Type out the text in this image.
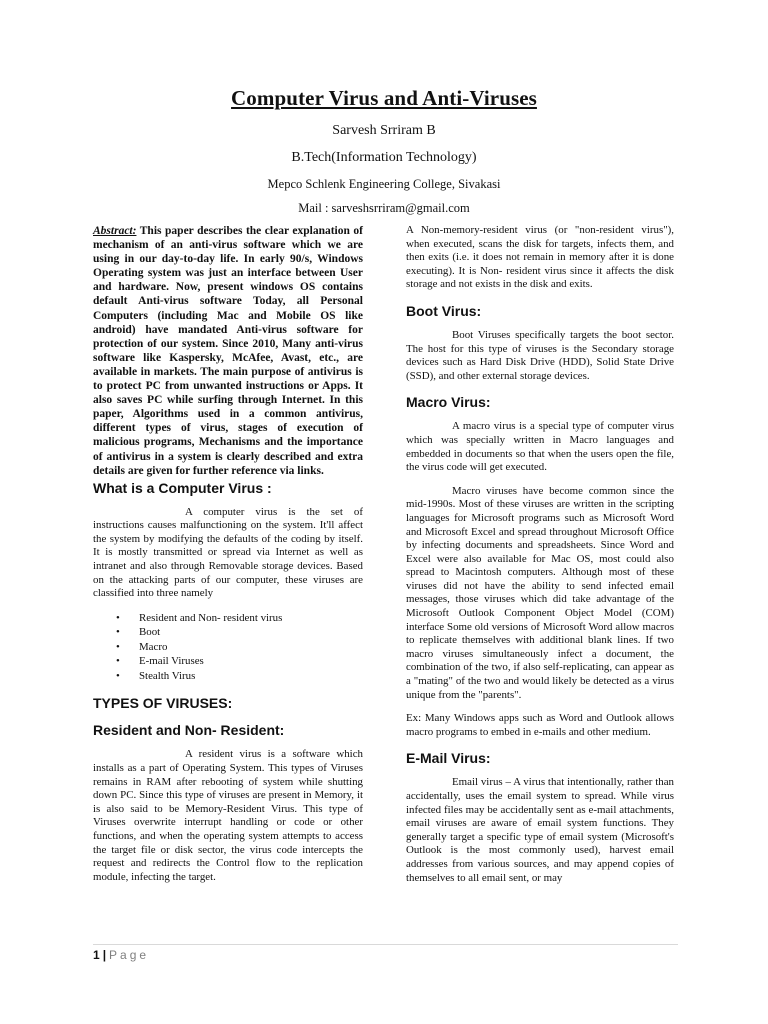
Computer Virus and Anti-Viruses
Sarvesh Srriram B
B.Tech(Information Technology)
Mepco Schlenk Engineering College, Sivakasi
Mail : sarveshsrriram@gmail.com

Abstract: This paper describes the clear explanation of mechanism of an anti-virus software which we are using in our day-to-day life. In early 90/s, Windows Operating system was just an interface between User and hardware. Now, present windows OS contains default Anti-virus software Today, all Personal Computers (including Mac and Mobile OS like android) have mandated Anti-virus software for protection of our system. Since 2010, Many anti-virus software like Kaspersky, McAfee, Avast, etc., are available in markets. The main purpose of antivirus is to protect PC from unwanted instructions or Apps. It also saves PC while surfing through Internet. In this paper, Algorithms used in a common antivirus, different types of virus, stages of execution of malicious programs, Mechanisms and the importance of antivirus in a system is clearly described and extra details are given for further reference via links.

What is a Computer Virus :

A computer virus is the set of instructions causes malfunctioning on the system. It'll affect the system by modifying the defaults of the coding by itself. It is mostly transmitted or spread via Internet as well as intranet and also through Removable storage devices. Based on the attacking parts of our computer, these viruses are classified into three namely

• Resident and Non- resident virus
• Boot
• Macro
• E-mail Viruses
• Stealth Virus
TYPES OF VIRUSES:
Resident and Non- Resident:

A resident virus is a software which installs as a part of Operating System. This types of Viruses remains in RAM after rebooting of system while shutting down PC. Since this type of viruses are present in Memory, it is also said to be Memory-Resident Virus. This type of Viruses overwrite interrupt handling or code or other functions, and when the operating system attempts to access the target file or disk sector, the virus code intercepts the request and redirects the Control flow to the replication module, infecting the target.

A Non-memory-resident virus (or "non-resident virus"), when executed, scans the disk for targets, infects them, and then exits (i.e. it does not remain in memory after it is done executing). It is Non- resident virus since it affects the disk storage and not exists in the disk and exits.

Boot Virus:

Boot Viruses specifically targets the boot sector. The host for this type of viruses is the Secondary storage devices such as Hard Disk Drive (HDD), Solid State Drive (SSD), and other external storage devices.

Macro Virus:

A macro virus is a special type of computer virus which was specially written in Macro languages and embedded in documents so that when the users open the file, the virus code will get executed.

Macro viruses have become common since the mid-1990s. Most of these viruses are written in the scripting languages for Microsoft programs such as Microsoft Word and Microsoft Excel and spread throughout Microsoft Office by infecting documents and spreadsheets. Since Word and Excel were also available for Mac OS, most could also spread to Macintosh computers. Although most of these viruses did not have the ability to send infected email messages, those viruses which did take advantage of the Microsoft Outlook Component Object Model (COM) interface Some old versions of Microsoft Word allow macros to replicate themselves with additional blank lines. If two macro viruses simultaneously infect a document, the combination of the two, if also self-replicating, can appear as a "mating" of the two and would likely be detected as a virus unique from the "parents".

Ex: Many Windows apps such as Word and Outlook allows macro programs to embed in e-mails and other medium.

E-Mail Virus:

Email virus – A virus that intentionally, rather than accidentally, uses the email system to spread. While virus infected files may be accidentally sent as e-mail attachments, email viruses are aware of email system functions. They generally target a specific type of email system (Microsoft's Outlook is the most commonly used), harvest email addresses from various sources, and may append copies of themselves to all email sent, or may

1 | Page
